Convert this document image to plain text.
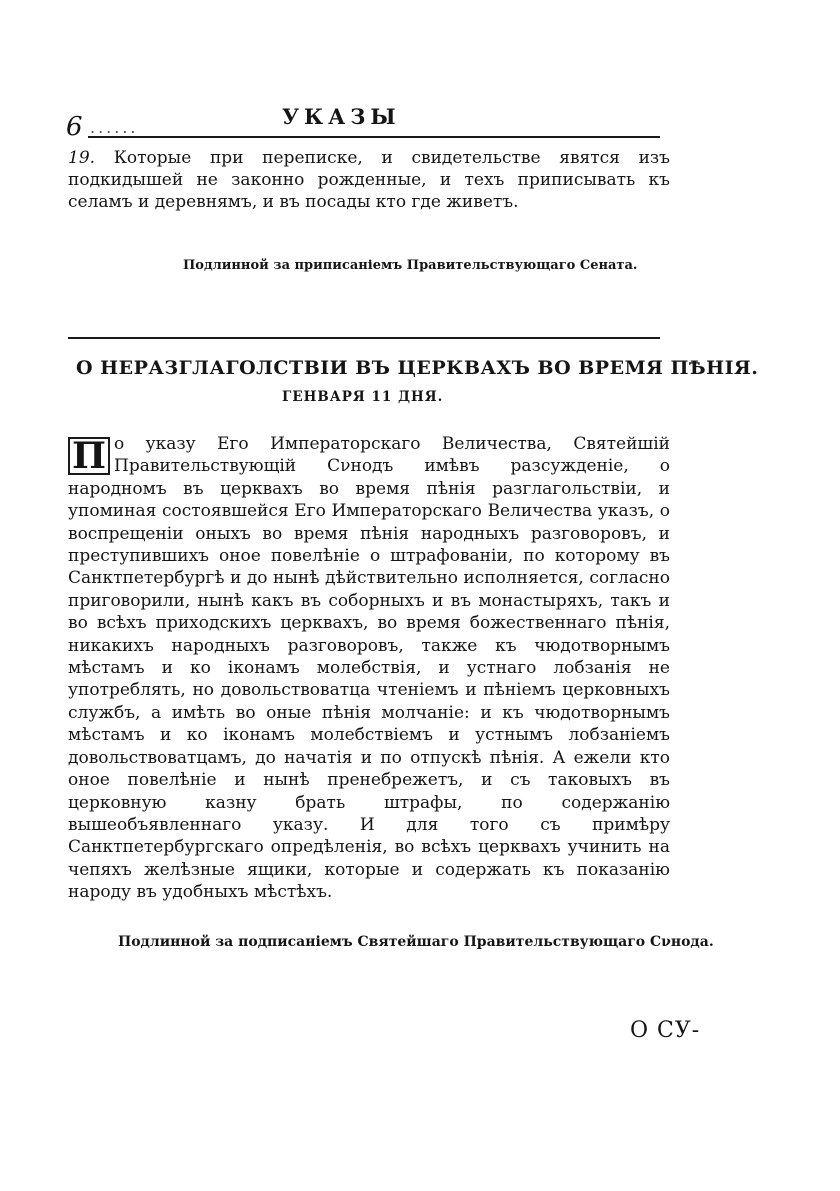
6 ......	УКАЗЫ
19. Которые при переписке, и свидетельстве явятся изъ подкидышей не законно рожденные, и техъ приписывать къ селамъ и деревнямъ, и въ посады кто где живетъ.
Подлинной за приписаніемъ Правительствующаго Сената.
О НЕРАЗГЛАГОЛСТВІИ ВЪ ЦЕРКВАХЪ ВО ВРЕМЯ ПѢНІЯ.
ГЕНВАРЯ 11 ДНЯ.
П о указу Его Императорскаго Величества, Святейшій Правительствующій Сνнодъ имѣвъ разсужденіе, о народномъ въ церквахъ во время пѣнія разглагольствіи, и упоминая состоявшейся Его Императорскаго Величества указъ, о воспрещеніи оныхъ во время пѣнія народныхъ разговоровъ, и преступившихъ оное повелѣніе о штрафованіи, по которому въ Санктпетербургѣ и до нынѣ дѣйствительно исполняется, согласно приговорили, нынѣ какъ въ соборныхъ и въ монастыряхъ, такъ и во всѣхъ приходскихъ церквахъ, во время божественнаго пѣнія, никакихъ народныхъ разговоровъ, также къ чюдотворнымъ мѣстамъ и ко іконамъ молебствія, и устнаго лобзанія не употреблять, но довольствоватца чтеніемъ и пѣніемъ церковныхъ службъ, а имѣть во оные пѣнія молчаніе: и къ чюдотворнымъ мѣстамъ и ко іконамъ молебствіемъ и устнымъ лобзаніемъ довольствоватцамъ, до начатія и по отпускѣ пѣнія. А ежели кто оное повелѣніе и нынѣ пренебрежетъ, и съ таковыхъ въ церковную казну брать штрафы, по содержанію вышеобъявленнаго указу. И для того съ примѣру Санктпетербургскаго опредѣленія, во всѣхъ церквахъ учинить на чепяхъ желѣзные ящики, которые и содержать къ показанію народу въ удобныхъ мѣстѣхъ.
Подлинной за подписаніемъ Святейшаго Правительствующаго Сνнода.
О СУ-
